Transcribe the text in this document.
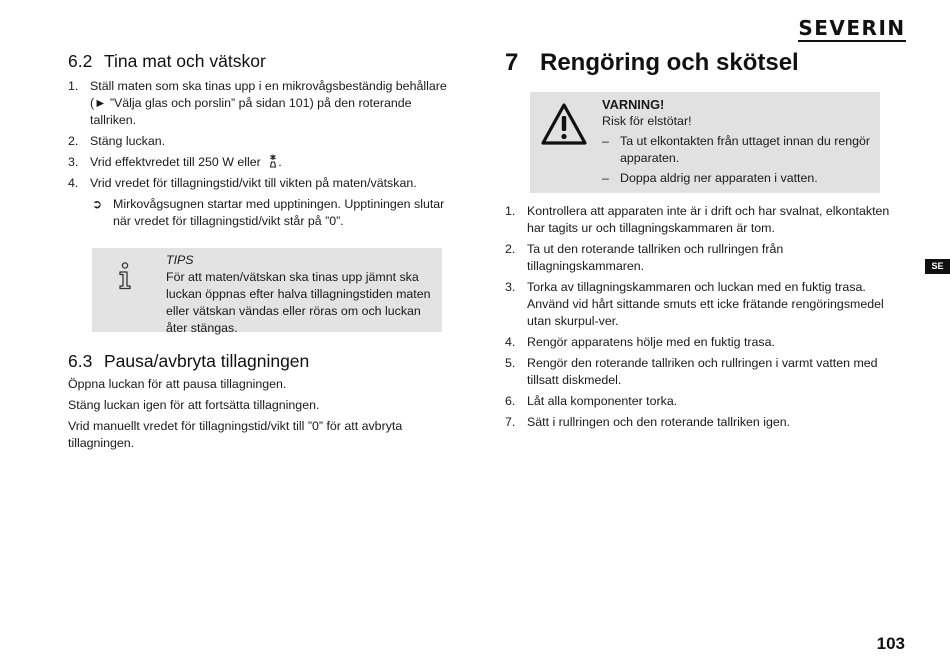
SEVERIN
6.2 Tina mat och vätskor
1. Ställ maten som ska tinas upp i en mikrovågsbeständig behållare
(► ”Välja glas och porslin” på sidan 101) på den roterande tallriken.
2. Stäng luckan.
3. Vrid effektvredet till 250 W eller .
4. Vrid vredet för tillagningstid/vikt till vikten på maten/vätskan.
➲ Mirkovågsugnen startar med upptiningen. Upptiningen slutar när vredet för tillagningstid/vikt står på ”0”.
TIPS
För att maten/vätskan ska tinas upp jämnt ska luckan öppnas efter halva tillagningstiden maten eller vätskan vändas eller röras om och luckan åter stängas.
6.3 Pausa/avbryta tillagningen

Öppna luckan för att pausa tillagningen.

Stäng luckan igen för att fortsätta tillagningen.

Vrid manuellt vredet för tillagningstid/vikt till ”0” för att avbryta tillagningen.

7 Rengöring och skötsel
VARNING!
Risk för elstötar!
– Ta ut elkontakten från uttaget innan du rengör apparaten.
– Doppa aldrig ner apparaten i vatten.
1. Kontrollera att apparaten inte är i drift och har svalnat, elkontakten har tagits ur och tillagningskammaren är tom.
2. Ta ut den roterande tallriken och rullringen från tillagningskammaren.
3. Torka av tillagningskammaren och luckan med en fuktig trasa. Använd vid hårt sittande smuts ett icke frätande rengöringsmedel utan skurpul-ver.
4. Rengör apparatens hölje med en fuktig trasa.
5. Rengör den roterande tallriken och rullringen i varmt vatten med tillsatt diskmedel.
6. Låt alla komponenter torka.
7. Sätt i rullringen och den roterande tallriken igen.
SE
103
